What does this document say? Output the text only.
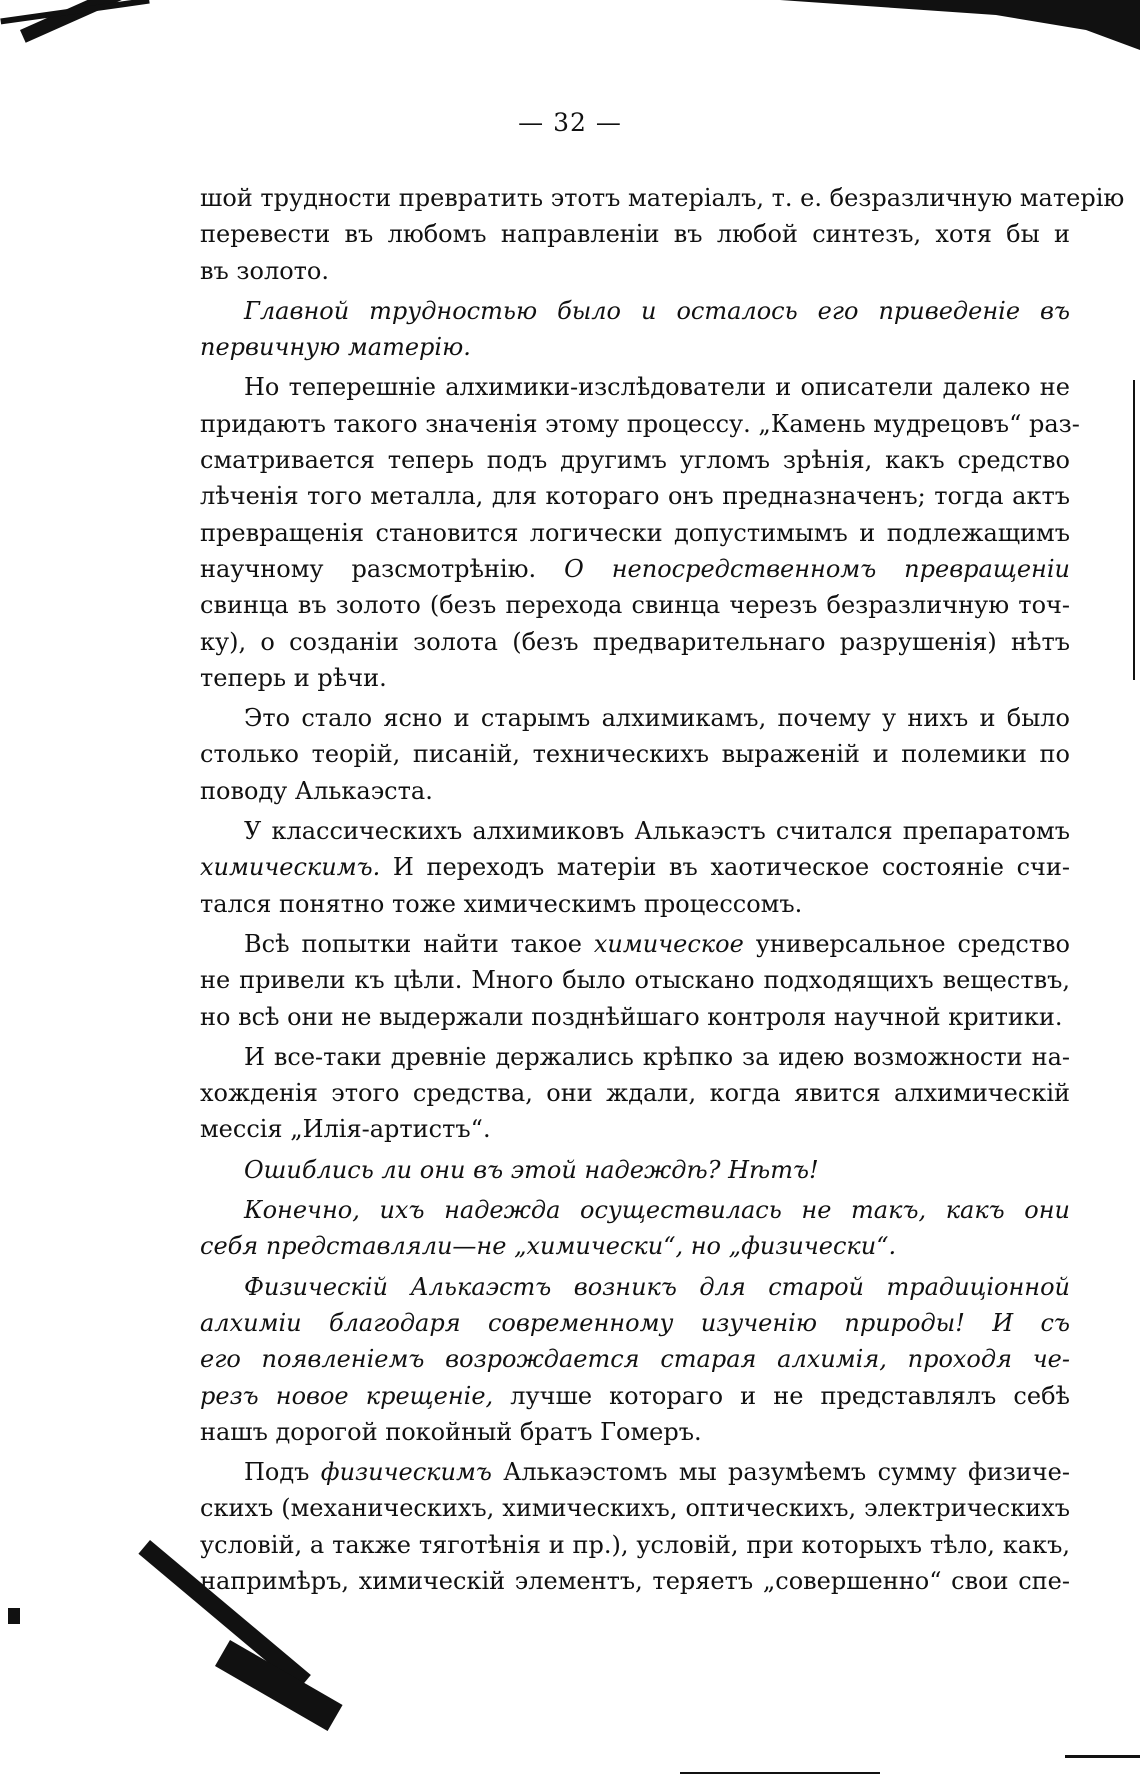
— 32 —
шой трудности превратить этотъ матеріалъ, т. е. безразличную матерію
перевести въ любомъ направленіи въ любой синтезъ, хотя бы и
въ золото.
Главной трудностью было и осталось его приведеніе въ
первичную матерію.
Но теперешніе алхимики-изслѣдователи и описатели далеко не
придаютъ такого значенія этому процессу. „Камень мудрецовъ“ раз-
сматривается теперь подъ другимъ угломъ зрѣнія, какъ средство
лѣченія того металла, для котораго онъ предназначенъ; тогда актъ
превращенія становится логически допустимымъ и подлежащимъ
научному разсмотрѣнію. О непосредственномъ превращеніи
свинца въ золото (безъ перехода свинца черезъ безразличную точ-
ку), о созданіи золота (безъ предварительнаго разрушенія) нѣтъ
теперь и рѣчи.
Это стало ясно и старымъ алхимикамъ, почему у нихъ и было
столько теорій, писаній, техническихъ выраженій и полемики по
поводу Алькаэста.
У классическихъ алхимиковъ Алькаэстъ считался препаратомъ
химическимъ. И переходъ матеріи въ хаотическое состояніе счи-
тался понятно тоже химическимъ процессомъ.
Всѣ попытки найти такое химическое универсальное средство
не привели къ цѣли. Много было отыскано подходящихъ веществъ,
но всѣ они не выдержали позднѣйшаго контроля научной критики.
И все-таки древніе держались крѣпко за идею возможности на-
хожденія этого средства, они ждали, когда явится алхимическій
мессія „Илія-артистъ“.
Ошиблись ли они въ этой надеждѣ? Нѣтъ!
Конечно, ихъ надежда осуществилась не такъ, какъ они
себя представляли—не „химически“, но „физически“.
Физическій Алькаэстъ возникъ для старой традиціонной
алхиміи благодаря современному изученію природы! И съ
его появленіемъ возрождается старая алхимія, проходя че-
резъ новое крещеніе, лучше котораго и не представлялъ себѣ
нашъ дорогой покойный братъ Гомеръ.
Подъ физическимъ Алькаэстомъ мы разумѣемъ сумму физиче-
скихъ (механическихъ, химическихъ, оптическихъ, электрическихъ
условій, а также тяготѣнія и пр.), условій, при которыхъ тѣло, какъ,
напримѣръ, химическій элементъ, теряетъ „совершенно“ свои спе-
